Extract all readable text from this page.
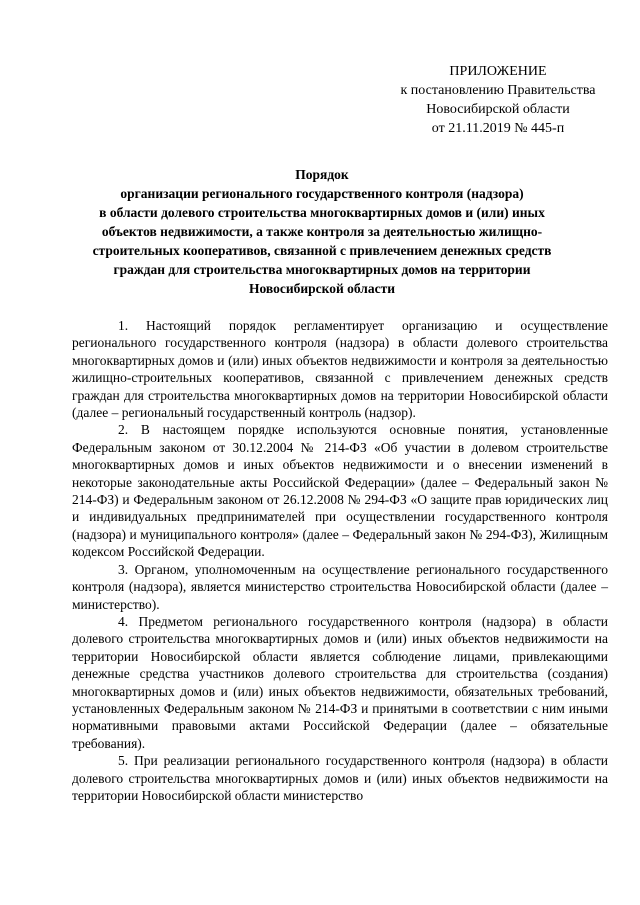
ПРИЛОЖЕНИЕ
к постановлению Правительства
Новосибирской области
от 21.11.2019 № 445-п
Порядок
организации регионального государственного контроля (надзора)
в области долевого строительства многоквартирных домов и (или) иных
объектов недвижимости, а также контроля за деятельностью жилищно-
строительных кооперативов, связанной с привлечением денежных средств
граждан для строительства многоквартирных домов на территории
Новосибирской области

1. Настоящий порядок регламентирует организацию и осуществление регионального государственного контроля (надзора) в области долевого строительства многоквартирных домов и (или) иных объектов недвижимости и контроля за деятельностью жилищно-строительных кооперативов, связанной с привлечением денежных средств граждан для строительства многоквартирных домов на территории Новосибирской области (далее – региональный государственный контроль (надзор).

2. В настоящем порядке используются основные понятия, установленные Федеральным законом от 30.12.2004 № 214-ФЗ «Об участии в долевом строительстве многоквартирных домов и иных объектов недвижимости и о внесении изменений в некоторые законодательные акты Российской Федерации» (далее – Федеральный закон № 214-ФЗ) и Федеральным законом от 26.12.2008 № 294-ФЗ «О защите прав юридических лиц и индивидуальных предпринимателей при осуществлении государственного контроля (надзора) и муниципального контроля» (далее – Федеральный закон № 294-ФЗ), Жилищным кодексом Российской Федерации.

3. Органом, уполномоченным на осуществление регионального государственного контроля (надзора), является министерство строительства Новосибирской области (далее – министерство).

4. Предметом регионального государственного контроля (надзора) в области долевого строительства многоквартирных домов и (или) иных объектов недвижимости на территории Новосибирской области является соблюдение лицами, привлекающими денежные средства участников долевого строительства для строительства (создания) многоквартирных домов и (или) иных объектов недвижимости, обязательных требований, установленных Федеральным законом № 214-ФЗ и принятыми в соответствии с ним иными нормативными правовыми актами Российской Федерации (далее – обязательные требования).

5. При реализации регионального государственного контроля (надзора) в области долевого строительства многоквартирных домов и (или) иных объектов недвижимости на территории Новосибирской области министерство
